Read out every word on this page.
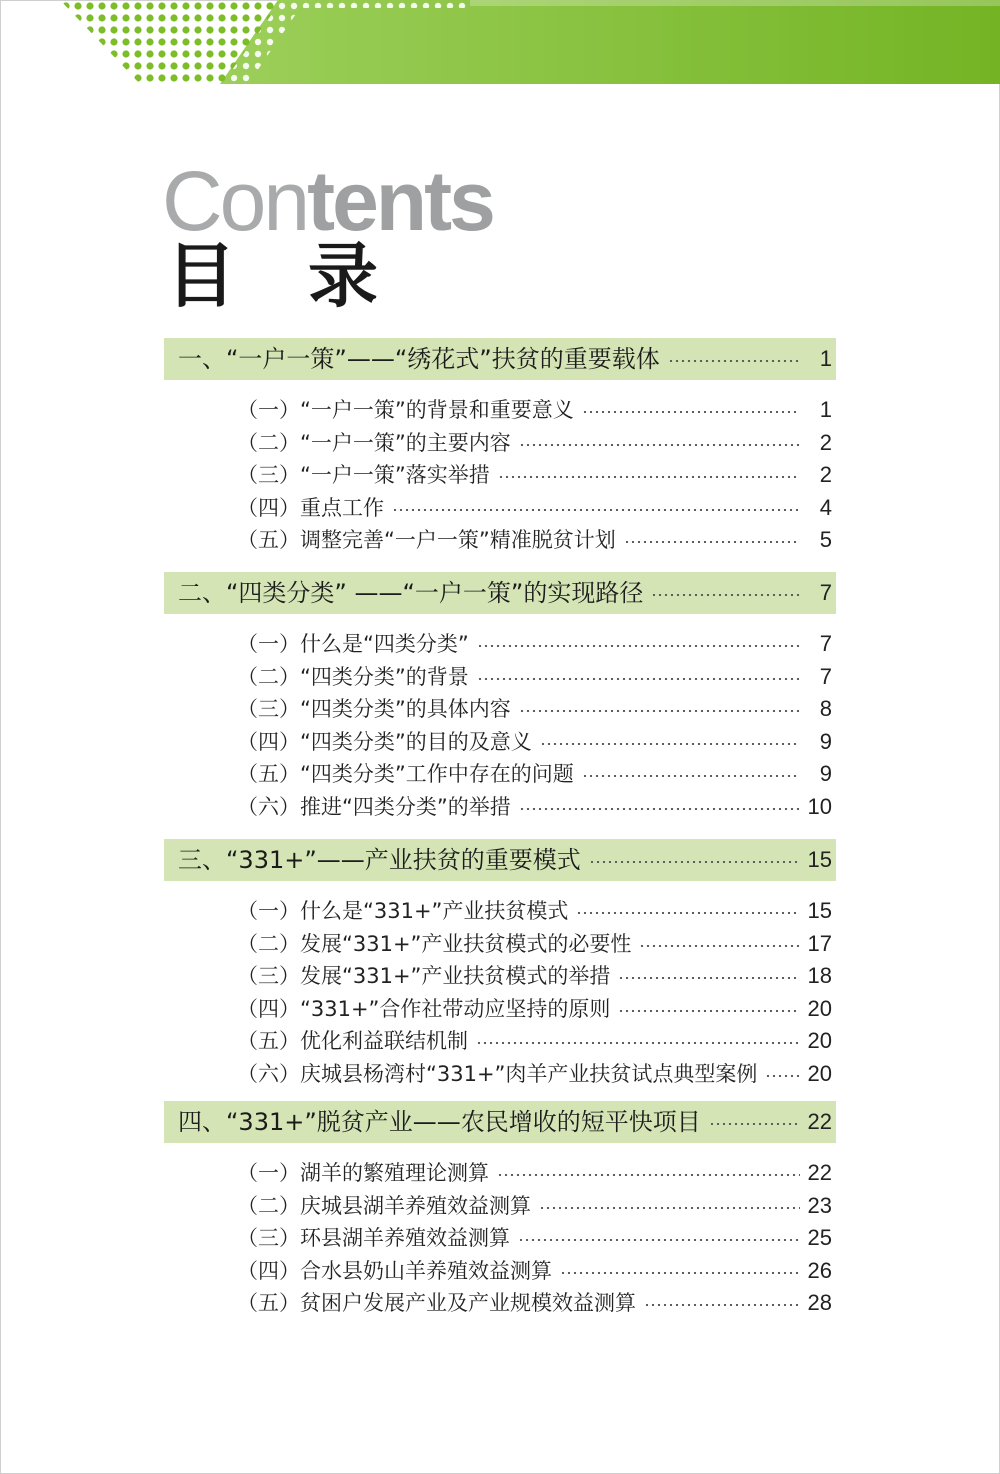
Contents
目录
一、“一户一策”——“绣花式”扶贫的重要载体	1
（一）“一户一策”的背景和重要意义	1
（二）“一户一策”的主要内容	2
（三）“一户一策”落实举措	2
（四）重点工作	4
（五）调整完善“一户一策”精准脱贫计划	5
二、“四类分类” ——“一户一策”的实现路径	7
（一）什么是“四类分类”	7
（二）“四类分类”的背景	7
（三）“四类分类”的具体内容	8
（四）“四类分类”的目的及意义	9
（五）“四类分类”工作中存在的问题	9
（六）推进“四类分类”的举措	10
三、“331+”——产业扶贫的重要模式	15
（一）什么是“331+”产业扶贫模式	15
（二）发展“331+”产业扶贫模式的必要性	17
（三）发展“331+”产业扶贫模式的举措	18
（四）“331+”合作社带动应坚持的原则	20
（五）优化利益联结机制	20
（六）庆城县杨湾村“331+”肉羊产业扶贫试点典型案例 20
四、“331+”脱贫产业——农民增收的短平快项目	22
（一）湖羊的繁殖理论测算	22
（二）庆城县湖羊养殖效益测算	23
（三）环县湖羊养殖效益测算	25
（四）合水县奶山羊养殖效益测算	26
（五）贫困户发展产业及产业规模效益测算	28
